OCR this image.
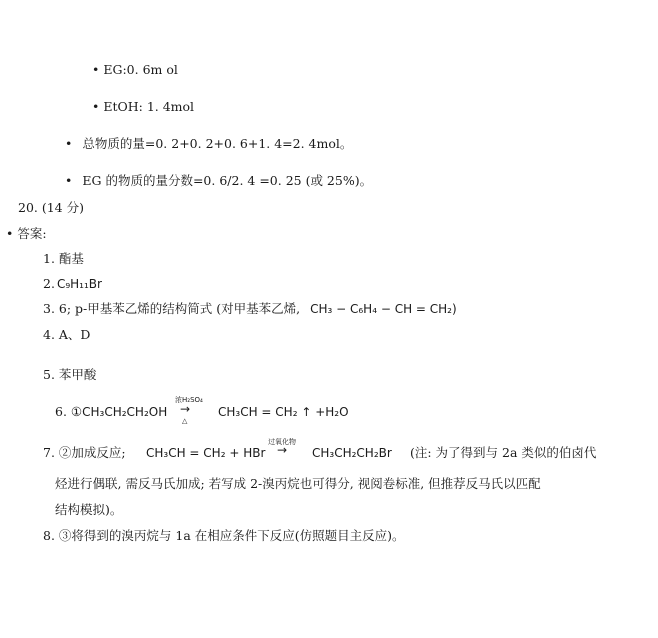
• EG:0. 6m ol
• EtOH: 1. 4mol
• 总物质的量=0. 2+0. 2+0. 6+1. 4=2. 4mol。
• EG 的物质的量分数=0. 6/2. 4 =0. 25 (或 25%)。
20. (14 分)
• 答案:
1. 酯基
2. C₉H₁₁Br
3. 6; p-甲基苯乙烯的结构简式 (对甲基苯乙烯, CH₃ − C₆H₄ − CH = CH₂)
4. A、D
5. 苯甲酸
6. ①CH₃CH₂CH₂OH
浓H₂SO₄
→
△
CH₃CH = CH₂ ↑ +H₂O
7. ②加成反应; CH₃CH = CH₂ + HBr
过氧化物
→ CH₃CH₂CH₂Br (注: 为了得到与 2a 类似的伯卤代
烃进行偶联, 需反马氏加成; 若写成 2-溴丙烷也可得分, 视阅卷标准, 但推荐反马氏以匹配
结构模拟)。
8. ③将得到的溴丙烷与 1a 在相应条件下反应(仿照题目主反应)。
